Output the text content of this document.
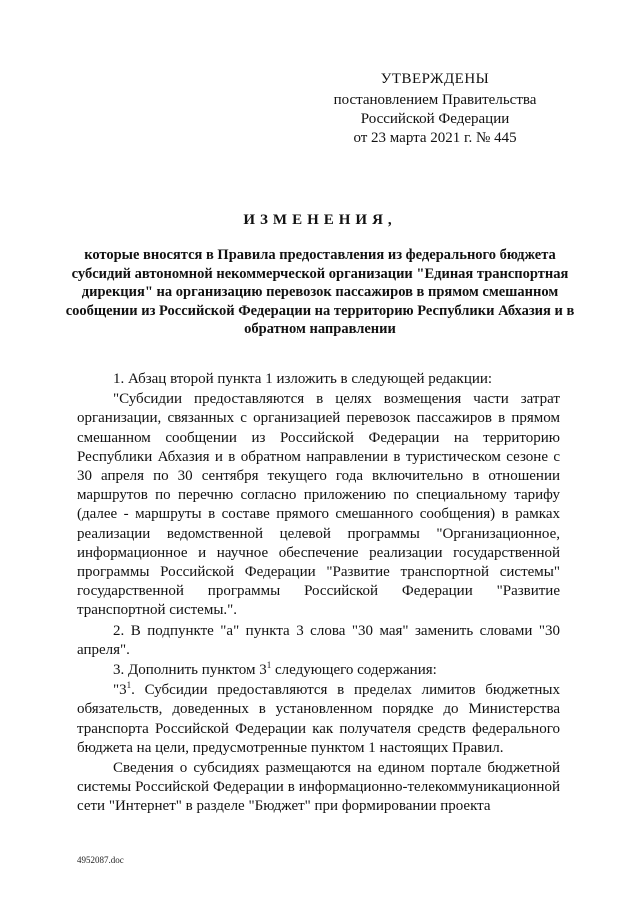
УТВЕРЖДЕНЫ
постановлением Правительства
Российской Федерации
от 23 марта 2021 г. № 445
ИЗМЕНЕНИЯ,
которые вносятся в Правила предоставления из федерального бюджета субсидий автономной некоммерческой организации "Единая транспортная дирекция" на организацию перевозок пассажиров в прямом смешанном сообщении из Российской Федерации на территорию Республики Абхазия и в обратном направлении

1. Абзац второй пункта 1 изложить в следующей редакции:

"Субсидии предоставляются в целях возмещения части затрат организации, связанных с организацией перевозок пассажиров в прямом смешанном сообщении из Российской Федерации на территорию Республики Абхазия и в обратном направлении в туристическом сезоне с 30 апреля по 30 сентября текущего года включительно в отношении маршрутов по перечню согласно приложению по специальному тарифу (далее - маршруты в составе прямого смешанного сообщения) в рамках реализации ведомственной целевой программы "Организационное, информационное и научное обеспечение реализации государственной программы Российской Федерации "Развитие транспортной системы" государственной программы Российской Федерации "Развитие транспортной системы.".

2. В подпункте "а" пункта 3 слова "30 мая" заменить словами "30 апреля".

3. Дополнить пунктом $3^1$ следующего содержания:

"$3^1$. Субсидии предоставляются в пределах лимитов бюджетных обязательств, доведенных в установленном порядке до Министерства транспорта Российской Федерации как получателя средств федерального бюджета на цели, предусмотренные пунктом 1 настоящих Правил.

Сведения о субсидиях размещаются на едином портале бюджетной системы Российской Федерации в информационно-телекоммуникационной сети "Интернет" в разделе "Бюджет" при формировании проекта

4952087.doc
